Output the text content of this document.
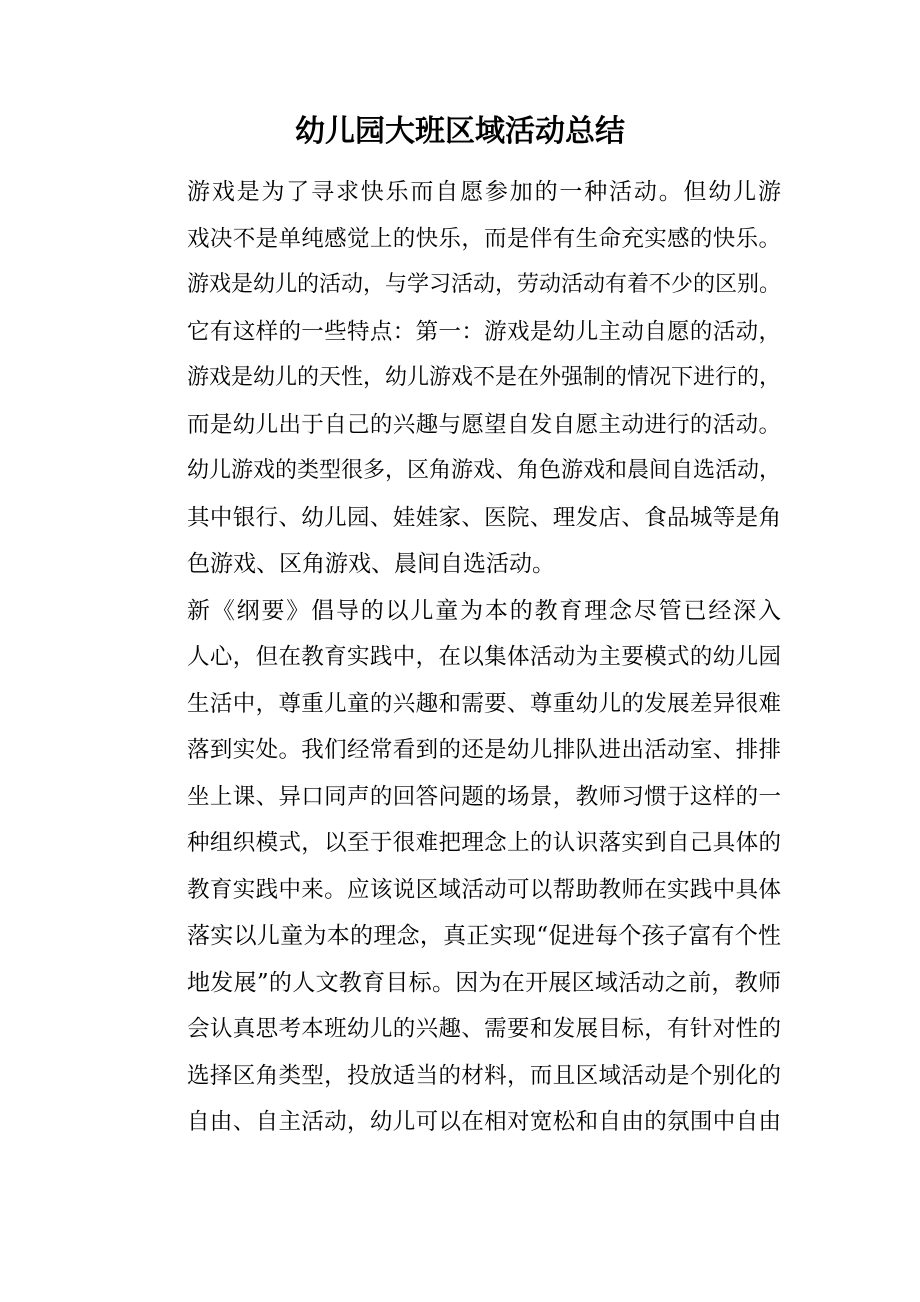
幼儿园大班区域活动总结

游戏是为了寻求快乐而自愿参加的一种活动。但幼儿游
戏决不是单纯感觉上的快乐，而是伴有生命充实感的快乐。
游戏是幼儿的活动，与学习活动，劳动活动有着不少的区别。
它有这样的一些特点：第一：游戏是幼儿主动自愿的活动，
游戏是幼儿的天性，幼儿游戏不是在外强制的情况下进行的，
而是幼儿出于自己的兴趣与愿望自发自愿主动进行的活动。
幼儿游戏的类型很多，区角游戏、角色游戏和晨间自选活动，
其中银行、幼儿园、娃娃家、医院、理发店、食品城等是角
色游戏、区角游戏、晨间自选活动。

新《纲要》倡导的以儿童为本的教育理念尽管已经深入
人心，但在教育实践中，在以集体活动为主要模式的幼儿园
生活中，尊重儿童的兴趣和需要、尊重幼儿的发展差异很难
落到实处。我们经常看到的还是幼儿排队进出活动室、排排
坐上课、异口同声的回答问题的场景，教师习惯于这样的一
种组织模式，以至于很难把理念上的认识落实到自己具体的
教育实践中来。应该说区域活动可以帮助教师在实践中具体
落实以儿童为本的理念，真正实现“促进每个孩子富有个性
地发展”的人文教育目标。因为在开展区域活动之前，教师
会认真思考本班幼儿的兴趣、需要和发展目标，有针对性的
选择区角类型，投放适当的材料，而且区域活动是个别化的
自由、自主活动，幼儿可以在相对宽松和自由的氛围中自由
